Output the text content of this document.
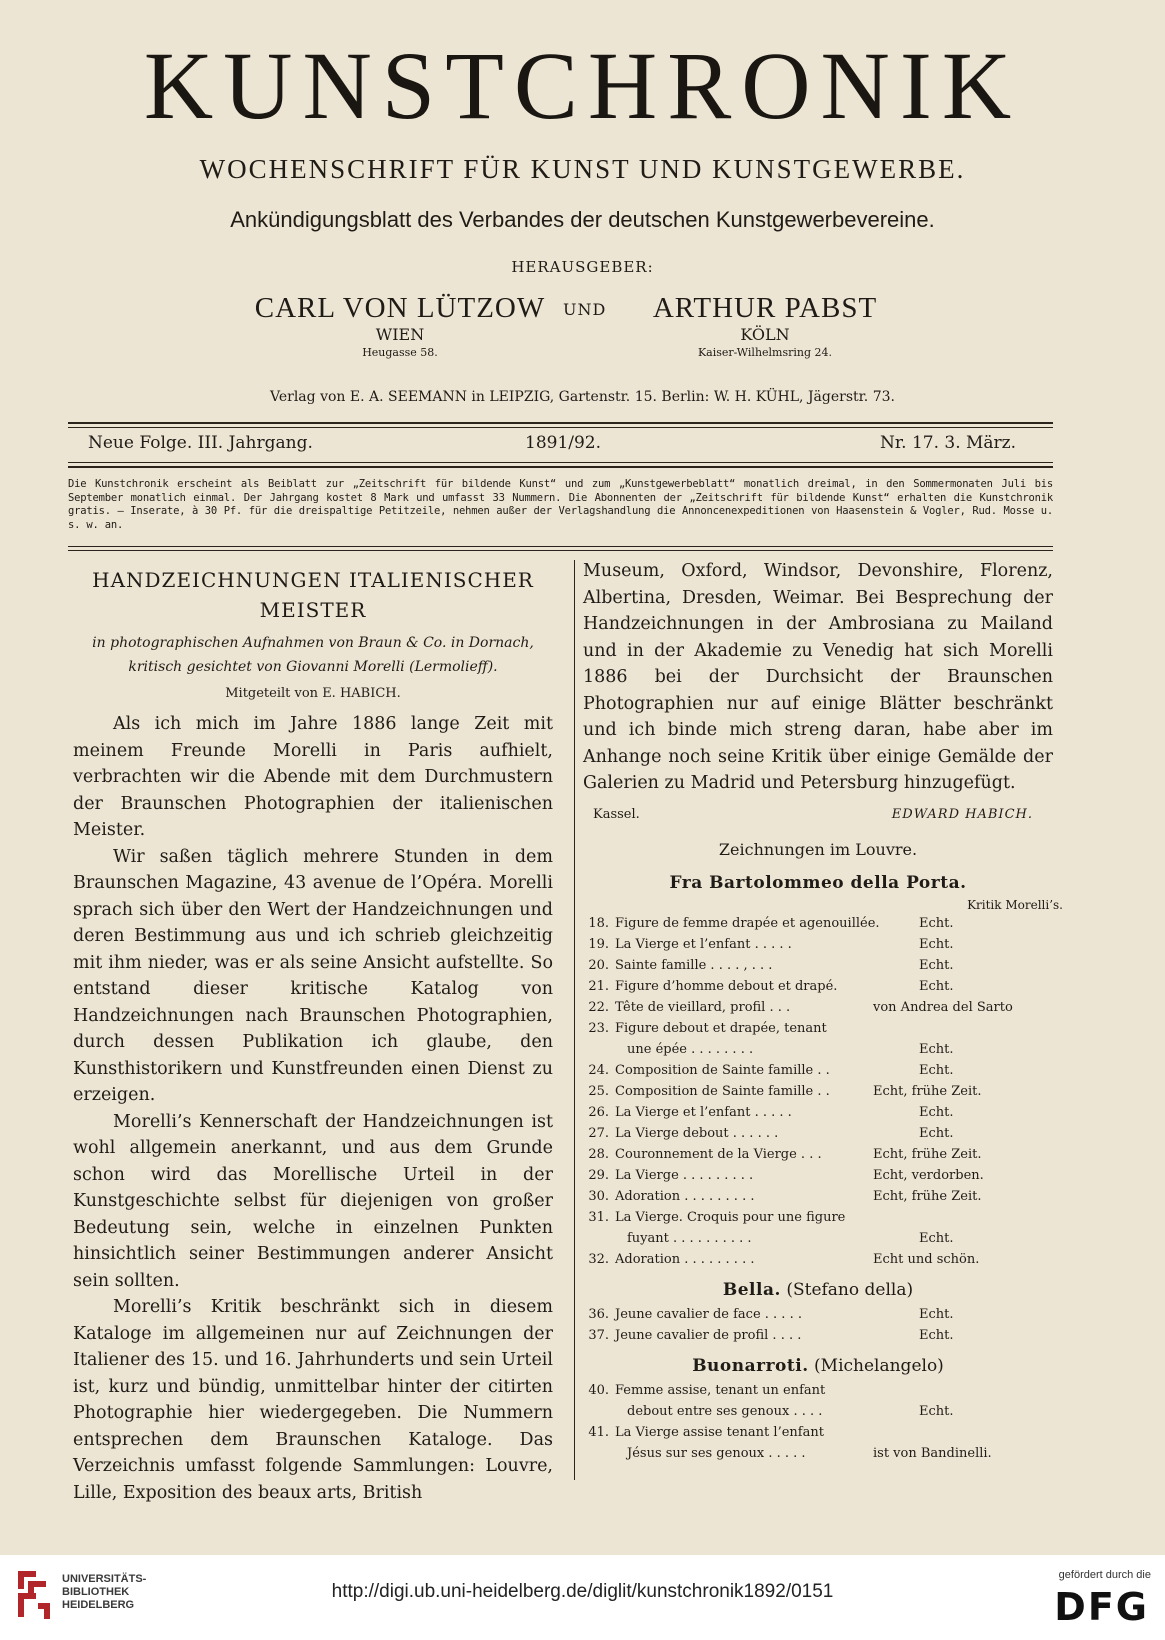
KUNSTCHRONIK
WOCHENSCHRIFT FÜR KUNST UND KUNSTGEWERBE.
Ankündigungsblatt des Verbandes der deutschen Kunstgewerbevereine.
HERAUSGEBER:
CARL VON LÜTZOW
WIEN
Heugasse 58.
UND ARTHUR PABST
KÖLN
Kaiser-Wilhelmsring 24.
Verlag von E. A. SEEMANN in LEIPZIG, Gartenstr. 15. Berlin: W. H. KÜHL, Jägerstr. 73.
Neue Folge. III. Jahrgang.	1891/92.	Nr. 17. 3. März.
Die Kunstchronik erscheint als Beiblatt zur „Zeitschrift für bildende Kunst“ und zum „Kunstgewerbeblatt“ monatlich dreimal, in den Sommermonaten Juli bis September monatlich einmal. Der Jahrgang kostet 8 Mark und umfasst 33 Nummern. Die Abonnenten der „Zeitschrift für bildende Kunst“ erhalten die Kunstchronik gratis. — Inserate, à 30 Pf. für die dreispaltige Petitzeile, nehmen außer der Verlagshandlung die Annoncenexpeditionen von Haasenstein & Vogler, Rud. Mosse u. s. w. an.
HANDZEICHNUNGEN ITALIENISCHER
MEISTER
in photographischen Aufnahmen von Braun & Co. in Dornach,
kritisch gesichtet von Giovanni Morelli (Lermolieff).
Mitgeteilt von E. HABICH.

Als ich mich im Jahre 1886 lange Zeit mit meinem Freunde Morelli in Paris aufhielt, verbrachten wir die Abende mit dem Durchmustern der Braunschen Photographien der italienischen Meister.

Wir saßen täglich mehrere Stunden in dem Braunschen Magazine, 43 avenue de l’Opéra. Morelli sprach sich über den Wert der Handzeichnungen und deren Bestimmung aus und ich schrieb gleichzeitig mit ihm nieder, was er als seine Ansicht aufstellte. So entstand dieser kritische Katalog von Handzeichnungen nach Braunschen Photographien, durch dessen Publikation ich glaube, den Kunsthistorikern und Kunstfreunden einen Dienst zu erzeigen.

Morelli’s Kennerschaft der Handzeichnungen ist wohl allgemein anerkannt, und aus dem Grunde schon wird das Morellische Urteil in der Kunstgeschichte selbst für diejenigen von großer Bedeutung sein, welche in einzelnen Punkten hinsichtlich seiner Bestimmungen anderer Ansicht sein sollten.

Morelli’s Kritik beschränkt sich in diesem Kataloge im allgemeinen nur auf Zeichnungen der Italiener des 15. und 16. Jahrhunderts und sein Urteil ist, kurz und bündig, unmittelbar hinter der citirten Photographie hier wiedergegeben. Die Nummern entsprechen dem Braunschen Kataloge. Das Verzeichnis umfasst folgende Sammlungen: Louvre, Lille, Exposition des beaux arts, British

Museum, Oxford, Windsor, Devonshire, Florenz, Albertina, Dresden, Weimar. Bei Besprechung der Handzeichnungen in der Ambrosiana zu Mailand und in der Akademie zu Venedig hat sich Morelli 1886 bei der Durchsicht der Braunschen Photographien nur auf einige Blätter beschränkt und ich binde mich streng daran, habe aber im Anhange noch seine Kritik über einige Gemälde der Galerien zu Madrid und Petersburg hinzugefügt.

Kassel.	EDWARD HABICH.
Zeichnungen im Louvre.
Fra Bartolommeo della Porta.
Kritik Morelli’s.
18. Figure de femme drapée et agenouillée.	Echt.
19. La Vierge et l’enfant . . . . .	Echt.
20. Sainte famille . . . . , . . .	Echt.
21. Figure d’homme debout et drapé.	Echt.
22. Tête de vieillard, profil . . .	von Andrea del Sarto
23. Figure debout et drapée, tenant
une épée . . . . . . . .	Echt.
24. Composition de Sainte famille . .	Echt.
25. Composition de Sainte famille . .	Echt, frühe Zeit.
26. La Vierge et l’enfant . . . . .	Echt.
27. La Vierge debout . . . . . .	Echt.
28. Couronnement de la Vierge . . .	Echt, frühe Zeit.
29. La Vierge . . . . . . . . .	Echt, verdorben.
30. Adoration . . . . . . . . .	Echt, frühe Zeit.
31. La Vierge. Croquis pour une figure
fuyant . . . . . . . . . .	Echt.
32. Adoration . . . . . . . . .	Echt und schön.
Bella. (Stefano della)
36. Jeune cavalier de face . . . . .	Echt.
37. Jeune cavalier de profil . . . .	Echt.
Buonarroti. (Michelangelo)
40. Femme assise, tenant un enfant
debout entre ses genoux . . . .	Echt.
41. La Vierge assise tenant l’enfant
Jésus sur ses genoux . . . . .	ist von Bandinelli.
UNIVERSITÄTS-
BIBLIOTHEK
HEIDELBERG
http://digi.ub.uni-heidelberg.de/diglit/kunstchronik1892/0151
gefördert durch die
DFG
